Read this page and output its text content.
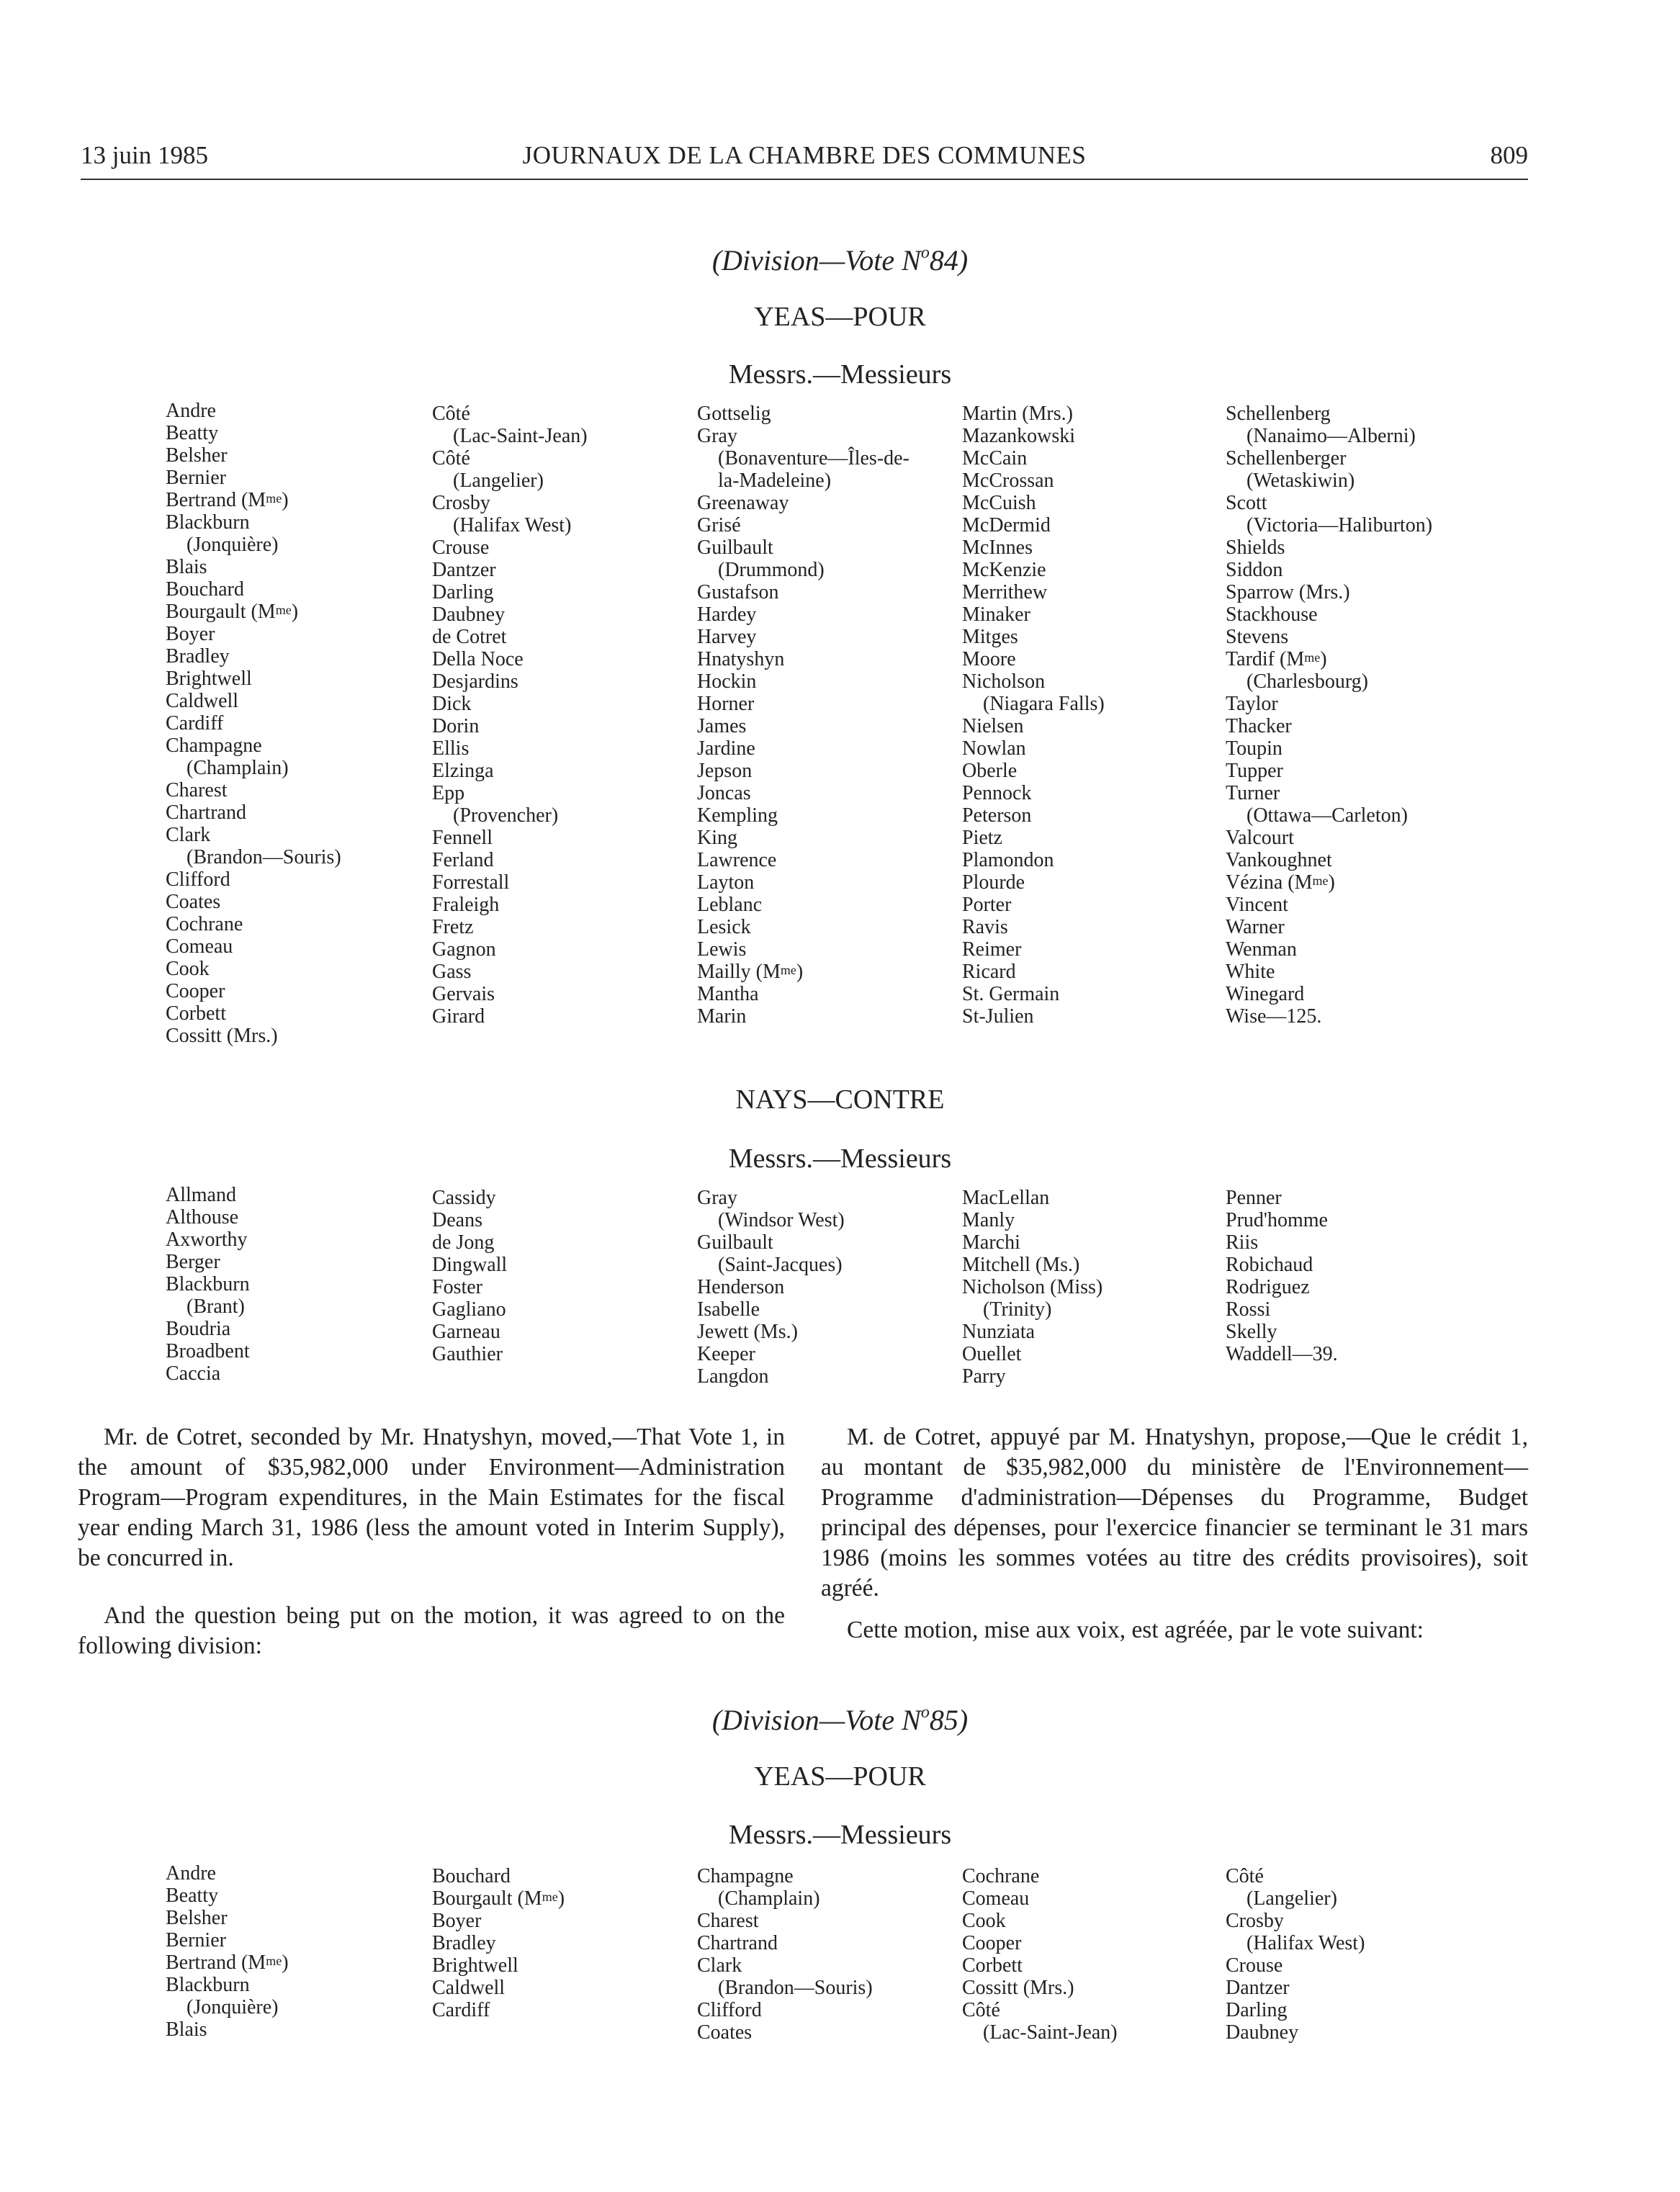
13 juin 1985	JOURNAUX DE LA CHAMBRE DES COMMUNES	809
(Division—Vote $N^o84$)
YEAS—POUR
Messrs.—Messieurs
Andre
Beatty
Belsher
Bernier
Bertrand $(M^{me})$
Blackburn
(Jonquière)
Blais
Bouchard
Bourgault $(M^{me})$
Boyer
Bradley
Brightwell
Caldwell
Cardiff
Champagne
(Champlain)
Charest
Chartrand
Clark
(Brandon—Souris)
Clifford
Coates
Cochrane
Comeau
Cook
Cooper
Corbett
Cossitt (Mrs.)
Côté
(Lac-Saint-Jean)
Côté
(Langelier)
Crosby
(Halifax West)
Crouse
Dantzer
Darling
Daubney
de Cotret
Della Noce
Desjardins
Dick
Dorin
Ellis
Elzinga
Epp
(Provencher)
Fennell
Ferland
Forrestall
Fraleigh
Fretz
Gagnon
Gass
Gervais
Girard
Gottselig
Gray
(Bonaventure—Îles-de-
la-Madeleine)
Greenaway
Grisé
Guilbault
(Drummond)
Gustafson
Hardey
Harvey
Hnatyshyn
Hockin
Horner
James
Jardine
Jepson
Joncas
Kempling
King
Lawrence
Layton
Leblanc
Lesick
Lewis
Mailly $(M^{me})$
Mantha
Marin
Martin (Mrs.)
Mazankowski
McCain
McCrossan
McCuish
McDermid
McInnes
McKenzie
Merrithew
Minaker
Mitges
Moore
Nicholson
(Niagara Falls)
Nielsen
Nowlan
Oberle
Pennock
Peterson
Pietz
Plamondon
Plourde
Porter
Ravis
Reimer
Ricard
St. Germain
St-Julien
Schellenberg
(Nanaimo—Alberni)
Schellenberger
(Wetaskiwin)
Scott
(Victoria—Haliburton)
Shields
Siddon
Sparrow (Mrs.)
Stackhouse
Stevens
Tardif $(M^{me})$
(Charlesbourg)
Taylor
Thacker
Toupin
Tupper
Turner
(Ottawa—Carleton)
Valcourt
Vankoughnet
Vézina $(M^{me})$
Vincent
Warner
Wenman
White
Winegard
Wise—125.
NAYS—CONTRE
Messrs.—Messieurs
Allmand
Althouse
Axworthy
Berger
Blackburn
(Brant)
Boudria
Broadbent
Caccia
Cassidy
Deans
de Jong
Dingwall
Foster
Gagliano
Garneau
Gauthier
Gray
(Windsor West)
Guilbault
(Saint-Jacques)
Henderson
Isabelle
Jewett (Ms.)
Keeper
Langdon
MacLellan
Manly
Marchi
Mitchell (Ms.)
Nicholson (Miss)
(Trinity)
Nunziata
Ouellet
Parry
Penner
Prud'homme
Riis
Robichaud
Rodriguez
Rossi
Skelly
Waddell—39.

Mr. de Cotret, seconded by Mr. Hnatyshyn, moved,—That Vote 1, in the amount of $35,982,000 under Environment—Administration Program—Program expenditures, in the Main Estimates for the fiscal year ending March 31, 1986 (less the amount voted in Interim Supply), be concurred in.

And the question being put on the motion, it was agreed to on the following division:

M. de Cotret, appuyé par M. Hnatyshyn, propose,—Que le crédit 1, au montant de $35,982,000 du ministère de l'Environnement—Programme d'administration—Dépenses du Programme, Budget principal des dépenses, pour l'exercice financier se terminant le 31 mars 1986 (moins les sommes votées au titre des crédits provisoires), soit agréé.

Cette motion, mise aux voix, est agréée, par le vote suivant:

(Division—Vote $N^o85$)
YEAS—POUR
Messrs.—Messieurs
Andre
Beatty
Belsher
Bernier
Bertrand $(M^{me})$
Blackburn
(Jonquière)
Blais
Bouchard
Bourgault $(M^{me})$
Boyer
Bradley
Brightwell
Caldwell
Cardiff
Champagne
(Champlain)
Charest
Chartrand
Clark
(Brandon—Souris)
Clifford
Coates
Cochrane
Comeau
Cook
Cooper
Corbett
Cossitt (Mrs.)
Côté
(Lac-Saint-Jean)
Côté
(Langelier)
Crosby
(Halifax West)
Crouse
Dantzer
Darling
Daubney
